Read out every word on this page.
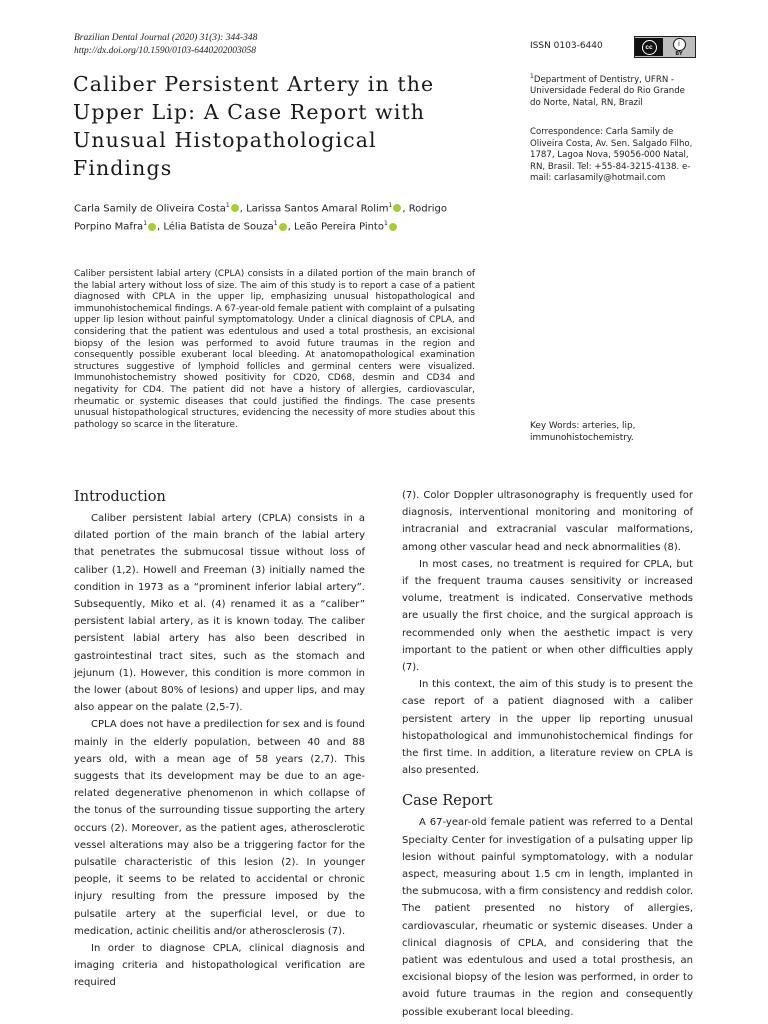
Brazilian Dental Journal (2020) 31(3): 344-348
http://dx.doi.org/10.1590/0103-6440202003058	ISSN 0103-6440	cc	i
BY
Caliber Persistent Artery in the Upper Lip: A Case Report with Unusual Histopathological Findings
Carla Samily de Oliveira Costa$^1$ , Larissa Santos Amaral Rolim$^1$ , Rodrigo Porpino Mafra$^1$ , Lélia Batista de Souza$^1$ , Leão Pereira Pinto$^1$
$^1$Department of Dentistry, UFRN - Universidade Federal do Rio Grande do Norte, Natal, RN, Brazil
Correspondence: Carla Samily de Oliveira Costa, Av. Sen. Salgado Filho, 1787, Lagoa Nova, 59056-000 Natal, RN, Brasil. Tel: +55-84-3215-4138. e-mail: carlasamily@hotmail.com
Caliber persistent labial artery (CPLA) consists in a dilated portion of the main branch of the labial artery without loss of size. The aim of this study is to report a case of a patient diagnosed with CPLA in the upper lip, emphasizing unusual histopathological and immunohistochemical findings. A 67-year-old female patient with complaint of a pulsating upper lip lesion without painful symptomatology. Under a clinical diagnosis of CPLA, and considering that the patient was edentulous and used a total prosthesis, an excisional biopsy of the lesion was performed to avoid future traumas in the region and consequently possible exuberant local bleeding. At anatomopathological examination structures suggestive of lymphoid follicles and germinal centers were visualized. Immunohistochemistry showed positivity for CD20, CD68, desmin and CD34 and negativity for CD4. The patient did not have a history of allergies, cardiovascular, rheumatic or systemic diseases that could justified the findings. The case presents unusual histopathological structures, evidencing the necessity of more studies about this pathology so scarce in the literature.	Key Words: arteries, lip, immunohistochemistry.
Introduction

Caliber persistent labial artery (CPLA) consists in a dilated portion of the main branch of the labial artery that penetrates the submucosal tissue without loss of caliber (1,2). Howell and Freeman (3) initially named the condition in 1973 as a “prominent inferior labial artery”. Subsequently, Miko et al. (4) renamed it as a “caliber” persistent labial artery, as it is known today. The caliber persistent labial artery has also been described in gastrointestinal tract sites, such as the stomach and jejunum (1). However, this condition is more common in the lower (about 80% of lesions) and upper lips, and may also appear on the palate (2,5-7).

CPLA does not have a predilection for sex and is found mainly in the elderly population, between 40 and 88 years old, with a mean age of 58 years (2,7). This suggests that its development may be due to an age-related degenerative phenomenon in which collapse of the tonus of the surrounding tissue supporting the artery occurs (2). Moreover, as the patient ages, atherosclerotic vessel alterations may also be a triggering factor for the pulsatile characteristic of this lesion (2). In younger people, it seems to be related to accidental or chronic injury resulting from the pressure imposed by the pulsatile artery at the superficial level, or due to medication, actinic cheilitis and/or atherosclerosis (7).

In order to diagnose CPLA, clinical diagnosis and imaging criteria and histopathological verification are required

(7). Color Doppler ultrasonography is frequently used for diagnosis, interventional monitoring and monitoring of intracranial and extracranial vascular malformations, among other vascular head and neck abnormalities (8).

In most cases, no treatment is required for CPLA, but if the frequent trauma causes sensitivity or increased volume, treatment is indicated. Conservative methods are usually the first choice, and the surgical approach is recommended only when the aesthetic impact is very important to the patient or when other difficulties apply (7).

In this context, the aim of this study is to present the case report of a patient diagnosed with a caliber persistent artery in the upper lip reporting unusual histopathological and immunohistochemical findings for the first time. In addition, a literature review on CPLA is also presented.

Case Report

A 67-year-old female patient was referred to a Dental Specialty Center for investigation of a pulsating upper lip lesion without painful symptomatology, with a nodular aspect, measuring about 1.5 cm in length, implanted in the submucosa, with a firm consistency and reddish color. The patient presented no history of allergies, cardiovascular, rheumatic or systemic diseases. Under a clinical diagnosis of CPLA, and considering that the patient was edentulous and used a total prosthesis, an excisional biopsy of the lesion was performed, in order to avoid future traumas in the region and consequently possible exuberant local bleeding.
